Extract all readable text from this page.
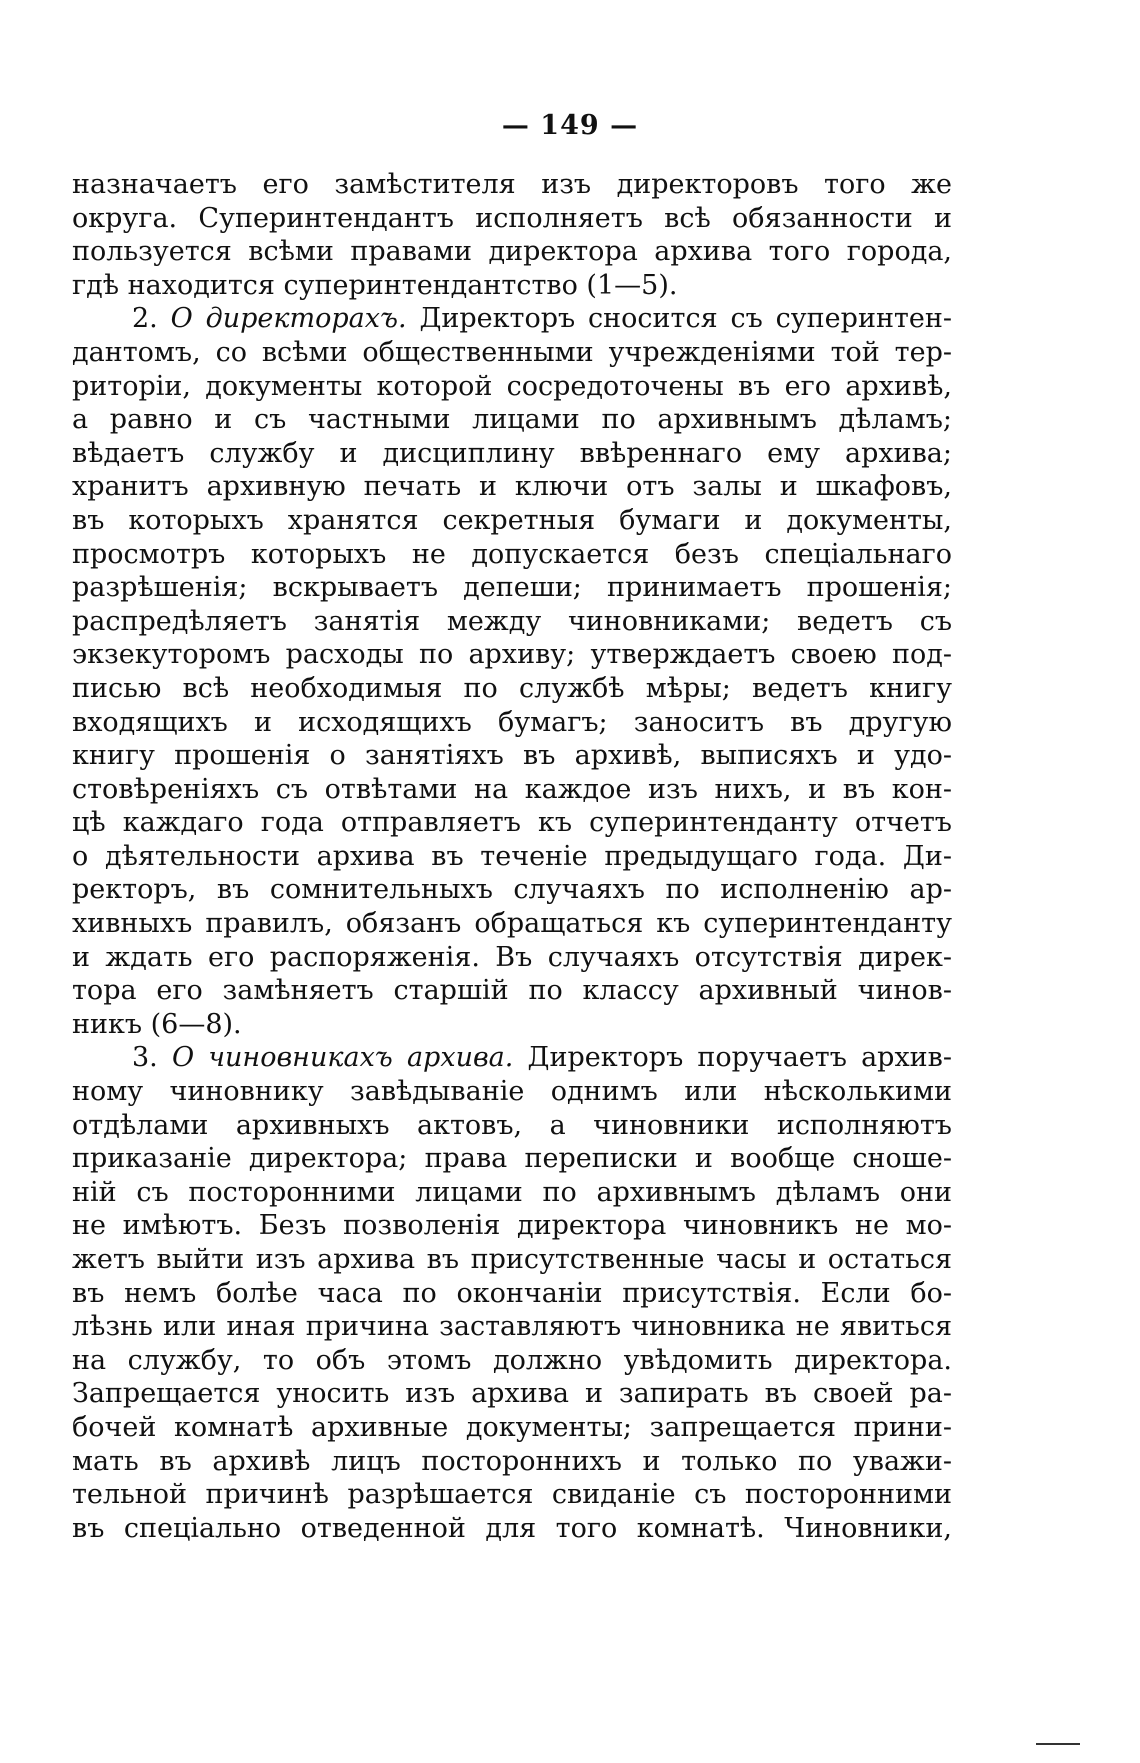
— 149 —
назначаетъ его замѣстителя изъ директоровъ того же
округа. Суперинтендантъ исполняетъ всѣ обязанности и
пользуется всѣми правами директора архива того города,
гдѣ находится суперинтендантство (1—5).
2. О директорахъ. Директоръ сносится съ суперинтен-
дантомъ, со всѣми общественными учрежденіями той тер-
риторіи, документы которой сосредоточены въ его архивѣ,
а равно и съ частными лицами по архивнымъ дѣламъ;
вѣдаетъ службу и дисциплину ввѣреннаго ему архива;
хранитъ архивную печать и ключи отъ залы и шкафовъ,
въ которыхъ хранятся секретныя бумаги и документы,
просмотръ которыхъ не допускается безъ спеціальнаго
разрѣшенія; вскрываетъ депеши; принимаетъ прошенія;
распредѣляетъ занятія между чиновниками; ведетъ съ
экзекуторомъ расходы по архиву; утверждаетъ своею под-
писью всѣ необходимыя по службѣ мѣры; ведетъ книгу
входящихъ и исходящихъ бумагъ; заноситъ въ другую
книгу прошенія о занятіяхъ въ архивѣ, выписяхъ и удо-
стовѣреніяхъ съ отвѣтами на каждое изъ нихъ, и въ кон-
цѣ каждаго года отправляетъ къ суперинтенданту отчетъ
о дѣятельности архива въ теченіе предыдущаго года. Ди-
ректоръ, въ сомнительныхъ случаяхъ по исполненію ар-
хивныхъ правилъ, обязанъ обращаться къ суперинтенданту
и ждать его распоряженія. Въ случаяхъ отсутствія дирек-
тора его замѣняетъ старшій по классу архивный чинов-
никъ (6—8).
3. О чиновникахъ архива. Директоръ поручаетъ архив-
ному чиновнику завѣдываніе однимъ или нѣсколькими
отдѣлами архивныхъ актовъ, а чиновники исполняютъ
приказаніе директора; права переписки и вообще сноше-
ній съ посторонними лицами по архивнымъ дѣламъ они
не имѣютъ. Безъ позволенія директора чиновникъ не мо-
жетъ выйти изъ архива въ присутственные часы и остаться
въ немъ болѣе часа по окончаніи присутствія. Если бо-
лѣзнь или иная причина заставляютъ чиновника не явиться
на службу, то объ этомъ должно увѣдомить директора.
Запрещается уносить изъ архива и запирать въ своей ра-
бочей комнатѣ архивные документы; запрещается прини-
мать въ архивѣ лицъ постороннихъ и только по уважи-
тельной причинѣ разрѣшается свиданіе съ посторонними
въ спеціально отведенной для того комнатѣ. Чиновники,
